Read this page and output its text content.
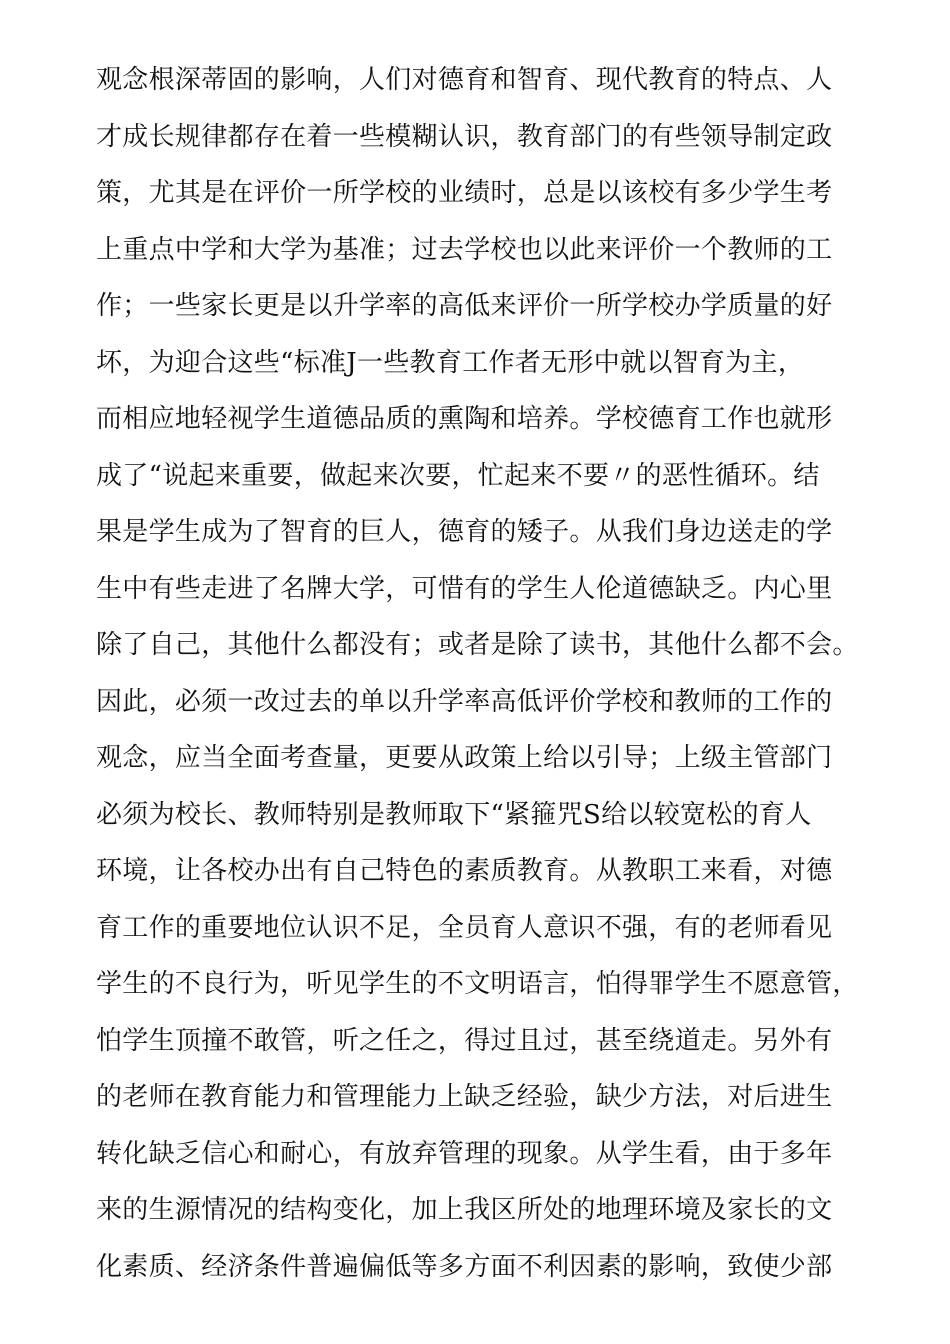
观念根深蒂固的影响，人们对德育和智育、现代教育的特点、人
才成长规律都存在着一些模糊认识，教育部门的有些领导制定政
策，尤其是在评价一所学校的业绩时，总是以该校有多少学生考
上重点中学和大学为基准；过去学校也以此来评价一个教师的工
作；一些家长更是以升学率的高低来评价一所学校办学质量的好
坏，为迎合这些“标准J一些教育工作者无形中就以智育为主，
而相应地轻视学生道德品质的熏陶和培养。学校德育工作也就形
成了“说起来重要，做起来次要，忙起来不要〃的恶性循环。结
果是学生成为了智育的巨人，德育的矮子。从我们身边送走的学
生中有些走进了名牌大学，可惜有的学生人伦道德缺乏。内心里
除了自己，其他什么都没有；或者是除了读书，其他什么都不会。
因此，必须一改过去的单以升学率高低评价学校和教师的工作的
观念，应当全面考查量，更要从政策上给以引导；上级主管部门
必须为校长、教师特别是教师取下“紧箍咒S给以较宽松的育人
环境，让各校办出有自己特色的素质教育。从教职工来看，对德
育工作的重要地位认识不足，全员育人意识不强，有的老师看见
学生的不良行为，听见学生的不文明语言，怕得罪学生不愿意管，
怕学生顶撞不敢管，听之任之，得过且过，甚至绕道走。另外有
的老师在教育能力和管理能力上缺乏经验，缺少方法，对后进生
转化缺乏信心和耐心，有放弃管理的现象。从学生看，由于多年
来的生源情况的结构变化，加上我区所处的地理环境及家长的文
化素质、经济条件普遍偏低等多方面不利因素的影响，致使少部
